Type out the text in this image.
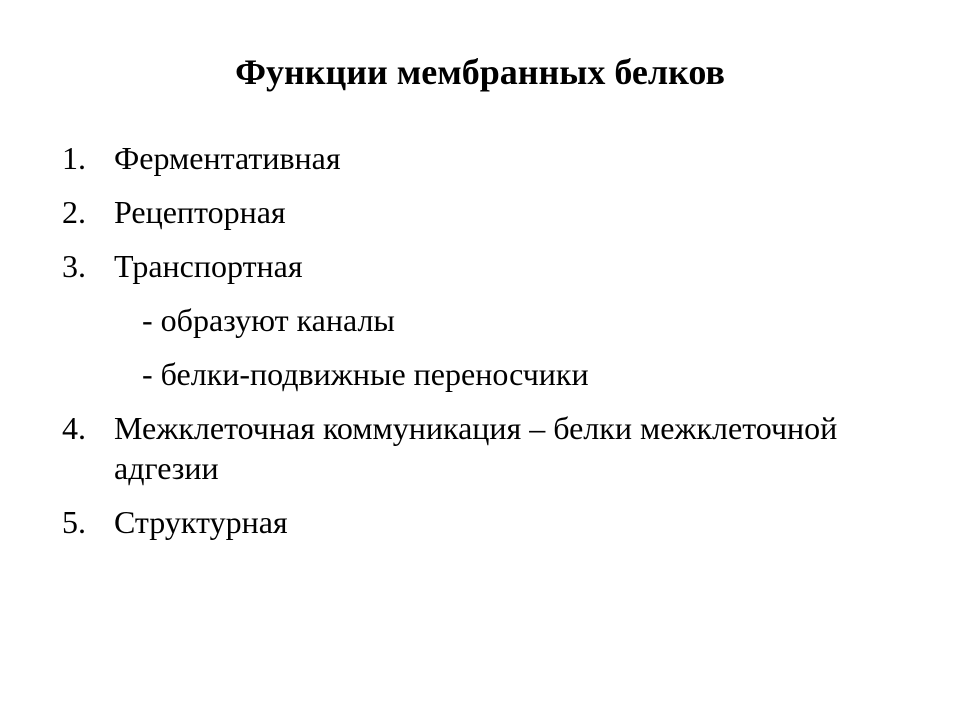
Функции мембранных белков
1. Ферментативная
2. Рецепторная
3. Транспортная
- образуют каналы
- белки-подвижные переносчики
4. Межклеточная коммуникация – белки межклеточной адгезии
5. Структурная
